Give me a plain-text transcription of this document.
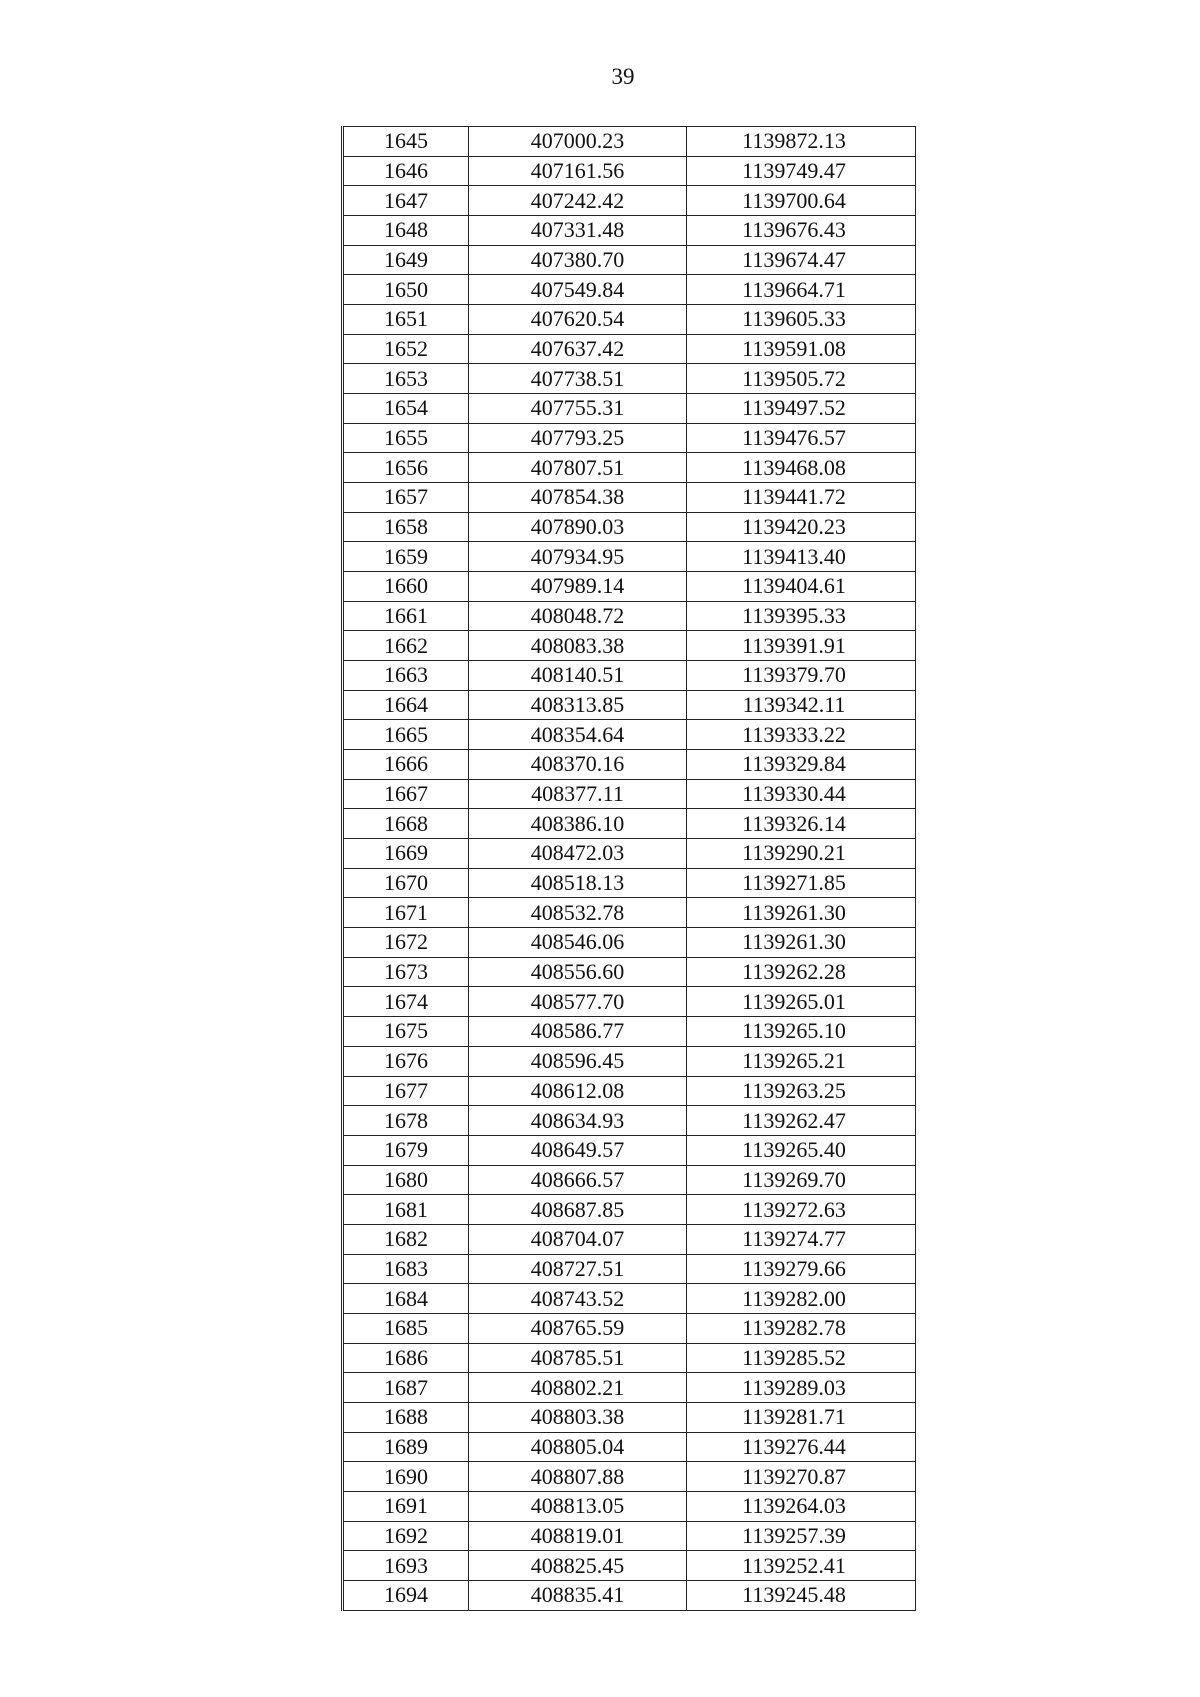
39
1645	407000.23	1139872.13
1646	407161.56	1139749.47
1647	407242.42	1139700.64
1648	407331.48	1139676.43
1649	407380.70	1139674.47
1650	407549.84	1139664.71
1651	407620.54	1139605.33
1652	407637.42	1139591.08
1653	407738.51	1139505.72
1654	407755.31	1139497.52
1655	407793.25	1139476.57
1656	407807.51	1139468.08
1657	407854.38	1139441.72
1658	407890.03	1139420.23
1659	407934.95	1139413.40
1660	407989.14	1139404.61
1661	408048.72	1139395.33
1662	408083.38	1139391.91
1663	408140.51	1139379.70
1664	408313.85	1139342.11
1665	408354.64	1139333.22
1666	408370.16	1139329.84
1667	408377.11	1139330.44
1668	408386.10	1139326.14
1669	408472.03	1139290.21
1670	408518.13	1139271.85
1671	408532.78	1139261.30
1672	408546.06	1139261.30
1673	408556.60	1139262.28
1674	408577.70	1139265.01
1675	408586.77	1139265.10
1676	408596.45	1139265.21
1677	408612.08	1139263.25
1678	408634.93	1139262.47
1679	408649.57	1139265.40
1680	408666.57	1139269.70
1681	408687.85	1139272.63
1682	408704.07	1139274.77
1683	408727.51	1139279.66
1684	408743.52	1139282.00
1685	408765.59	1139282.78
1686	408785.51	1139285.52
1687	408802.21	1139289.03
1688	408803.38	1139281.71
1689	408805.04	1139276.44
1690	408807.88	1139270.87
1691	408813.05	1139264.03
1692	408819.01	1139257.39
1693	408825.45	1139252.41
1694	408835.41	1139245.48
